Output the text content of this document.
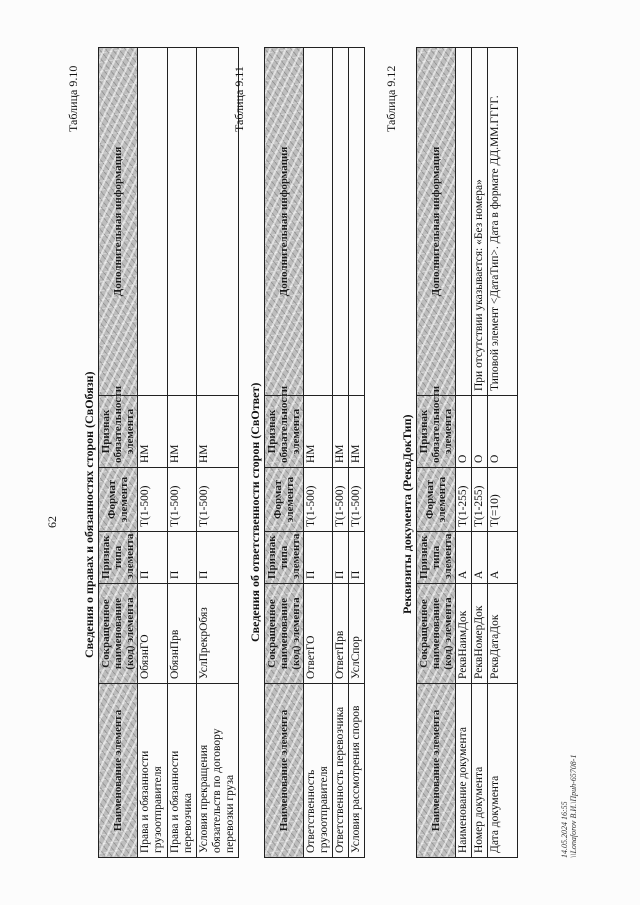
62
Таблица 9.10
Сведения о правах и обязанностях сторон (СвОбязн)
Наименование элемента	Сокращенное наименование (код) элемента	Признак типа элемента	Формат элемента	Признак обязательности элемента	Дополнительная информация
Права и обязанности грузоотправителя	ОбязнГО	П	T(1-500)	НМ	
Права и обязанности перевозчика	ОбязнПрв	П	T(1-500)	НМ	
Условия прекращения обязательств по договору перевозки груза	УслПрекрОбяз	П	T(1-500)	НМ	
Таблица 9.11
Сведения об ответственности сторон (СвОтвет)
Наименование элемента	Сокращенное наименование (код) элемента	Признак типа элемента	Формат элемента	Признак обязательности элемента	Дополнительная информация
Ответственность грузоотправителя	ОтветГО	П	T(1-500)	НМ	
Ответственность перевозчика	ОтветПрв	П	T(1-500)	НМ	
Условия рассмотрения споров	УслСпор	П	T(1-500)	НМ	
Таблица 9.12
Реквизиты документа (РеквДокТип)
Наименование элемента	Сокращенное наименование (код) элемента	Признак типа элемента	Формат элемента	Признак обязательности элемента	Дополнительная информация
Наименование документа	РеквНаимДок	А	T(1-255)	О	
Номер документа	РеквНомерДок	А	T(1-255)	О	При отсутствии указывается: «Без номера»
Дата документа	РеквДатаДок	А	T(=10)	О	Типовой элемент <ДатаТип>. Дата в формате ДД.ММ.ГГГГ.
14.05.2024 16:55 \\Lonaforov В.И.\Приh-65708-1
